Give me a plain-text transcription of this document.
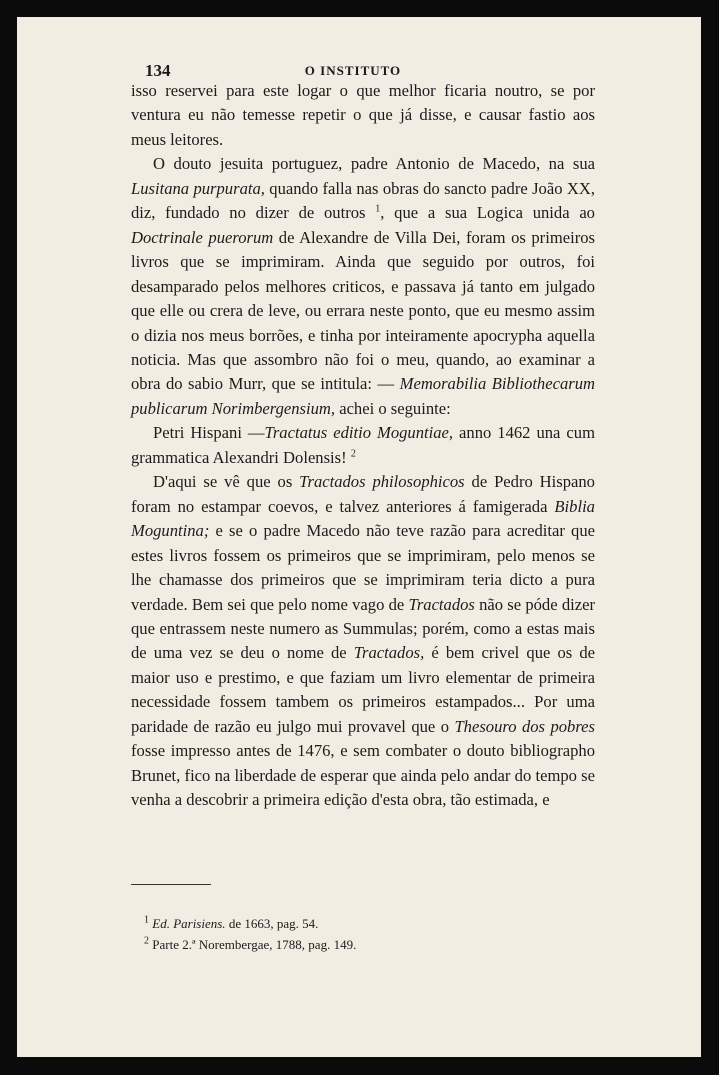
134	O INSTITUTO

isso reservei para este logar o que melhor ficaria noutro, se por ventura eu não temesse repetir o que já disse, e causar fastio aos meus leitores.

O douto jesuita portuguez, padre Antonio de Macedo, na sua Lusitana purpurata, quando falla nas obras do sancto padre João XX, diz, fundado no dizer de outros $^1$, que a sua Logica unida ao Doctrinale puerorum de Alexandre de Villa Dei, foram os primeiros livros que se imprimiram. Ainda que seguido por outros, foi desamparado pelos melhores criticos, e passava já tanto em julgado que elle ou crera de leve, ou errara neste ponto, que eu mesmo assim o dizia nos meus borrões, e tinha por inteiramente apocrypha aquella noticia. Mas que assombro não foi o meu, quando, ao examinar a obra do sabio Murr, que se intitula: — Memorabilia Bibliothecarum publicarum Norimbergensium, achei o seguinte:

Petri Hispani —Tractatus editio Moguntiae, anno 1462 una cum grammatica Alexandri Dolensis! $^2$

D'aqui se vê que os Tractados philosophicos de Pedro Hispano foram no estampar coevos, e talvez anteriores á famigerada Biblia Moguntina; e se o padre Macedo não teve razão para acreditar que estes livros fossem os primeiros que se imprimiram, pelo menos se lhe chamasse dos primeiros que se imprimiram teria dicto a pura verdade. Bem sei que pelo nome vago de Tractados não se póde dizer que entrassem neste numero as Summulas; porém, como a estas mais de uma vez se deu o nome de Tractados, é bem crivel que os de maior uso e prestimo, e que faziam um livro elementar de primeira necessidade fossem tambem os primeiros estampados... Por uma paridade de razão eu julgo mui provavel que o Thesouro dos pobres fosse impresso antes de 1476, e sem combater o douto bibliographo Brunet, fico na liberdade de esperar que ainda pelo andar do tempo se venha a descobrir a primeira edição d'esta obra, tão estimada, e

$^1$ Ed. Parisiens. de 1663, pag. 54.
$^2$ Parte 2.ª Norembergae, 1788, pag. 149.
